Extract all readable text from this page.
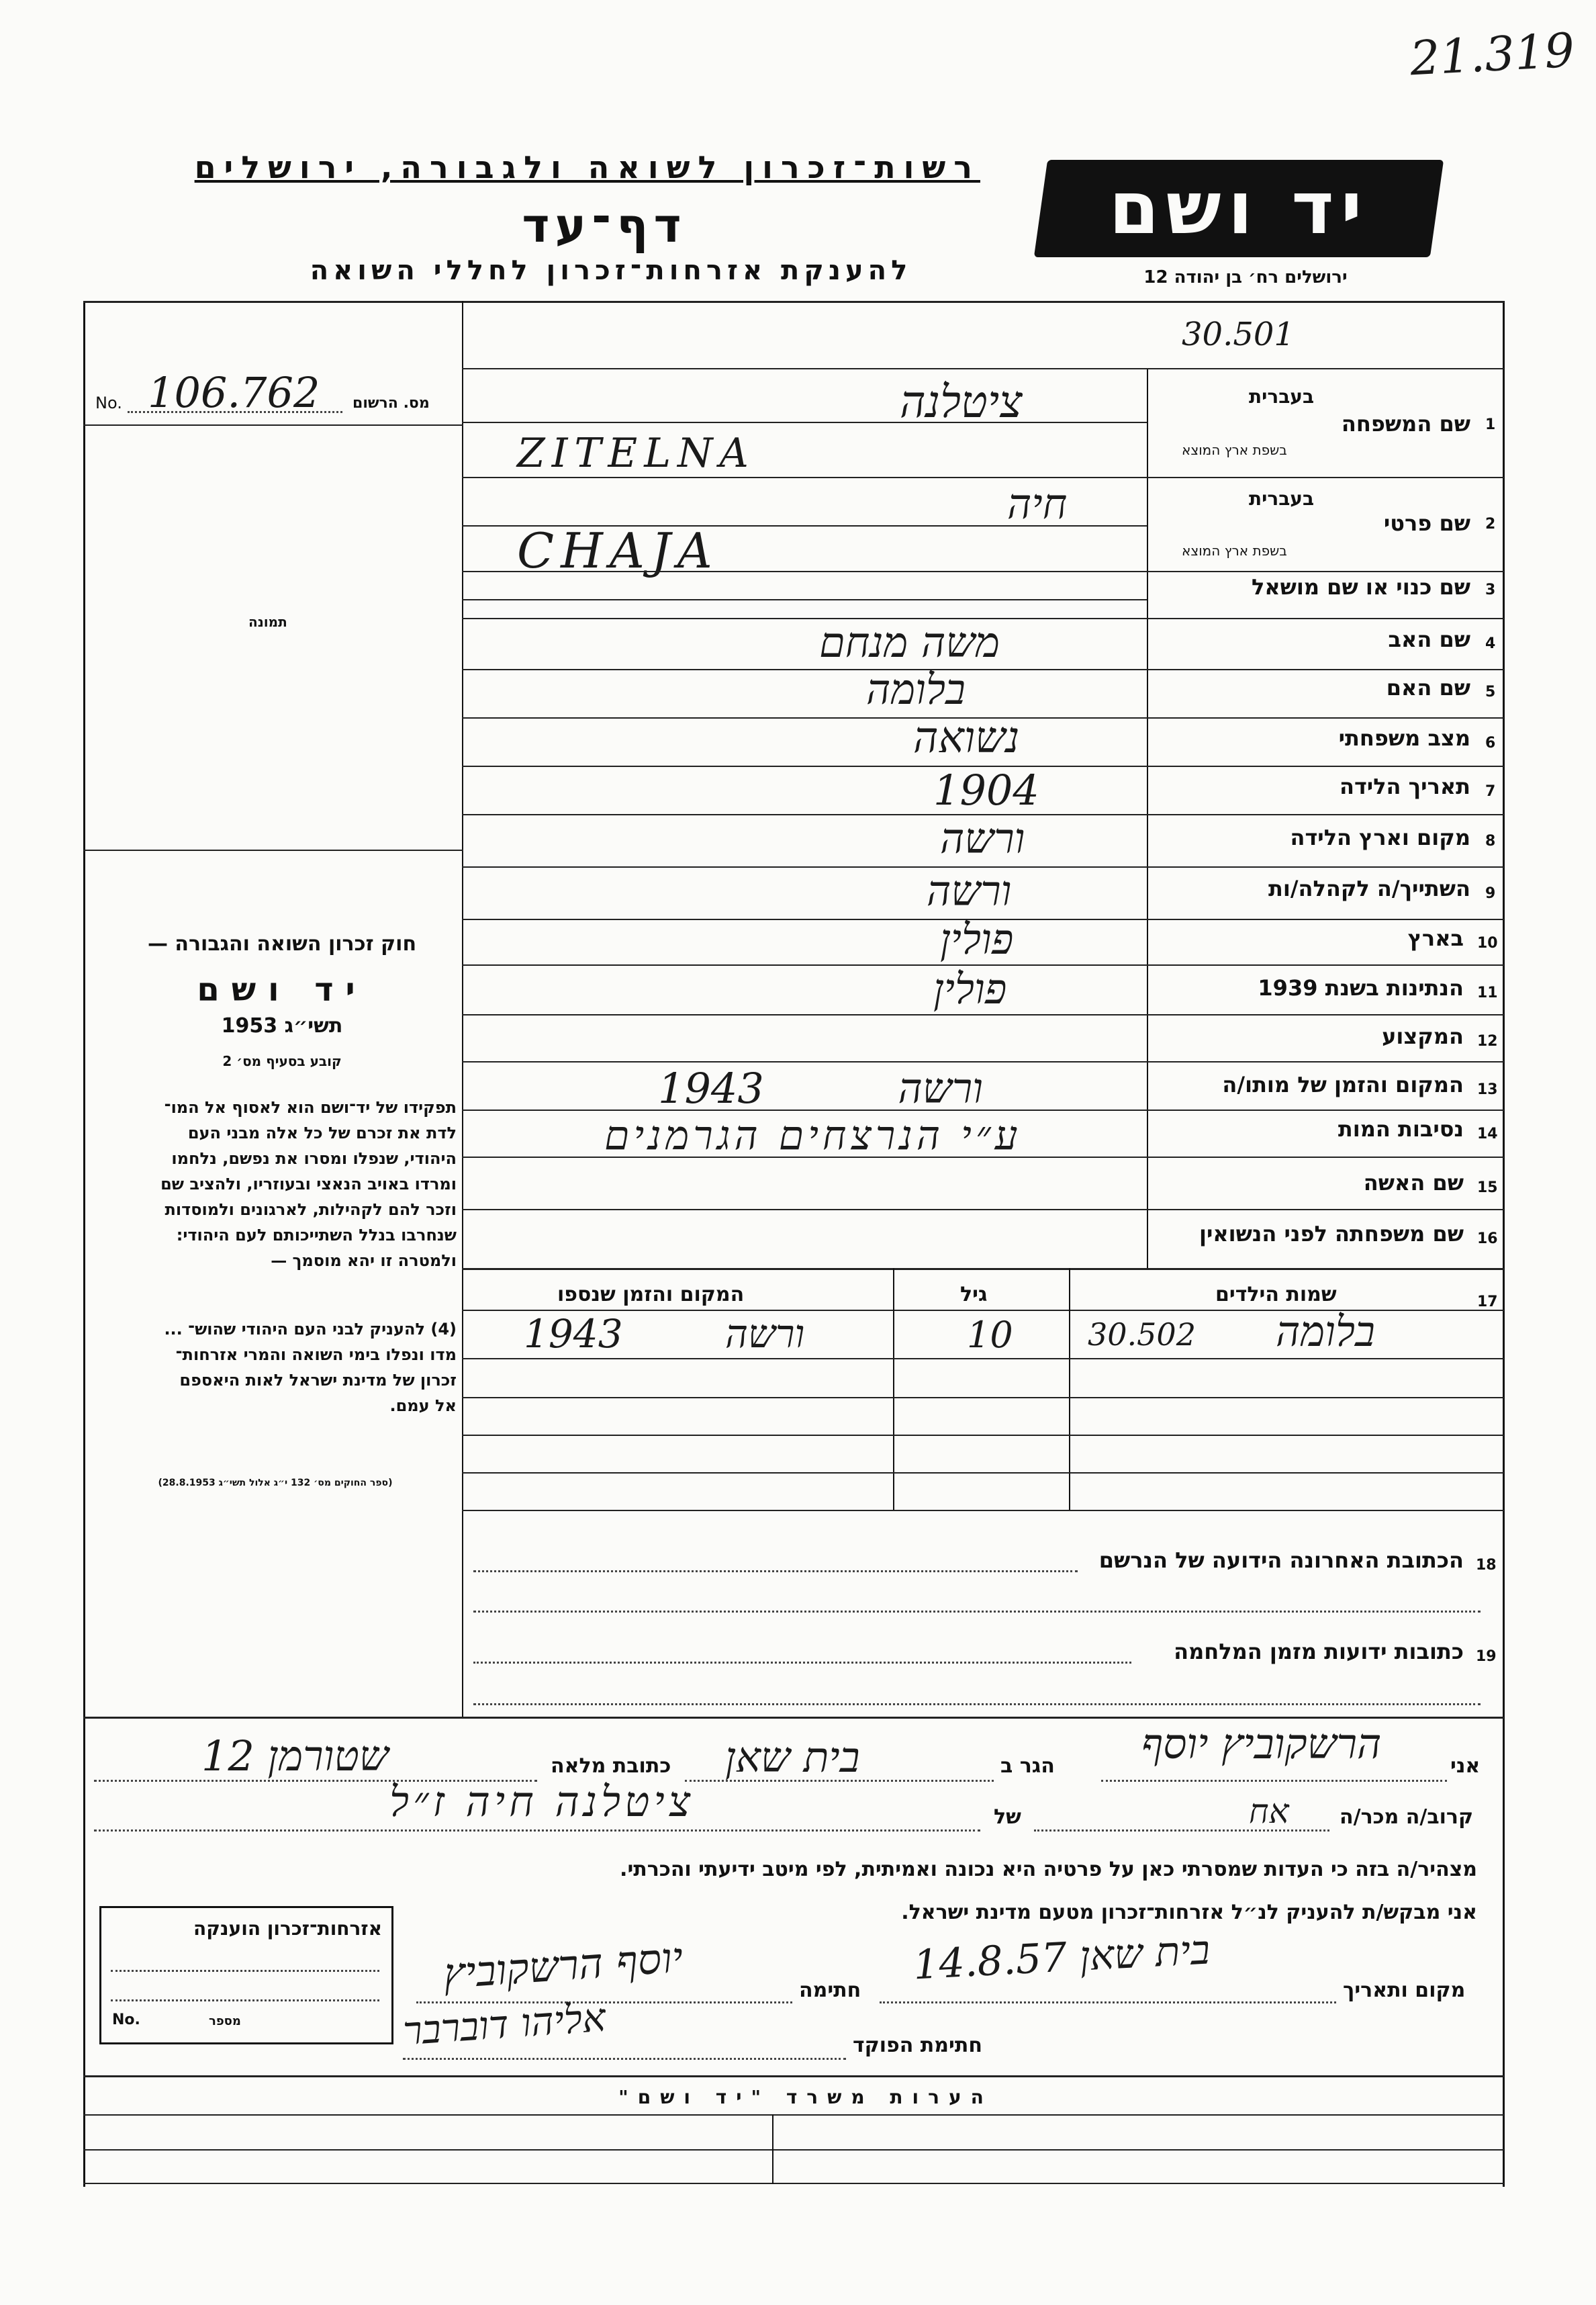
21.319
רשות־זכרון לשואה ולגבורה, ירושלים
דף־עד
להענקת אזרחות־זכרון לחללי השואה
יד ושם
ירושלים רח׳ בן יהודה 12
30.501
No. 106.762 מס. הרשום
תמונה
בעברית
1
שם המשפחה
בשפת ארץ המוצא
ציטלנה
ZITELNA
בעברית
2
שם פרטי
בשפת ארץ המוצא
חיה
CHAJA
3
שם כנוי או שם מושאל
4
שם האב
משה מנחם
5
שם האם
בלומה
6
מצב משפחתי
נשואה
7
תאריך הלידה
1904
8
מקום וארץ הלידה
ורשה
9
השתייך/ה לקהלה/ות
ורשה
10
בארץ
פולין
11
הנתינות בשנת 1939
פולין
12
המקצוע
13
המקום והזמן של מותו/ה
ורשה 1943
14
נסיבות המות
ע״י הנרצחים הגרמנים
15
שם האשה
16
שם משפחתה לפני הנשואין
17
שמות הילדים
גיל
המקום והזמן שנספו
בלומה
30.502
10
ורשה
1943
18
הכתובת האחרונה הידועה של הנרשם
19
כתובות ידועות מזמן המלחמה
חוק זכרון השואה והגבורה —
יד ושם
תשי״ג 1953
קובע בסעיף מס׳ 2
תפקידו של יד־ושם הוא לאסוף אל המו־
לדת את זכרם של כל אלה מבני העם
היהודי, שנפלו ומסרו את נפשם, נלחמו
ומרדו באויב הנאצי ובעוזריו, ולהציב שם
וזכר להם לקהילות, לארגונים ולמוסדות
שנחרבו בנלל השתייכותם לעם היהודי:
ולמטרה זו יהא מוסמך —
(4) להעניק לבני העם היהודי שהוש־ ...
מדו ונפלו בימי השואה והמרי אזרחות־
זכרון של מדינת ישראל לאות היאספם
אל עמם.
(ספר החוקים מס׳ 132 י״ג אלול תשי״ג 28.8.1953)
אני
הרשקוביץ יוסף
הגר ב
בית שאן
כתובת מלאה
שטורמן 12
קרוב/ה מכר/ה
אח
של
ציטלנה חיה ז״ל
מצהיר/ה בזה כי העדות שמסרתי כאן על פרטיה היא נכונה ואמיתית, לפי מיטב ידיעתי והכרתי.
אני מבקש/ת להעניק לנ״ל אזרחות־זכרון מטעם מדינת ישראל.
מקום ותאריך
בית שאן 14.8.57
חתימה
יוסף הרשקוביץ
חתימת הפוקד
אליהו דוברבר
אזרחות־זכרון הוענקה
No.	מספר
הערות משרד "יד ושם"
